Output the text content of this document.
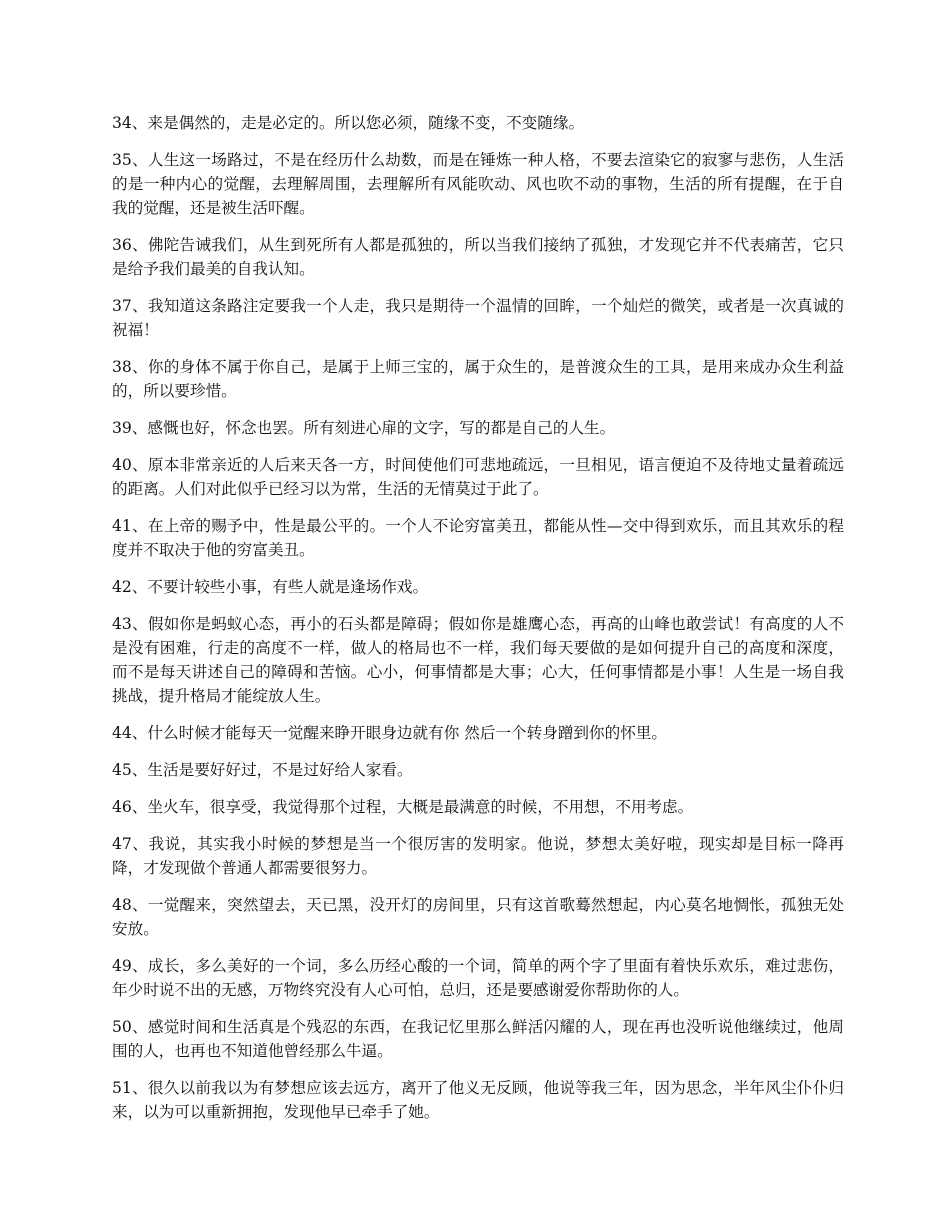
34、来是偶然的，走是必定的。所以您必须，随缘不变，不变随缘。

35、人生这一场路过，不是在经历什么劫数，而是在锤炼一种人格，不要去渲染它的寂寥与悲伤，人生活的是一种内心的觉醒，去理解周围，去理解所有风能吹动、风也吹不动的事物，生活的所有提醒，在于自我的觉醒，还是被生活吓醒。

36、佛陀告诫我们，从生到死所有人都是孤独的，所以当我们接纳了孤独，才发现它并不代表痛苦，它只是给予我们最美的自我认知。

37、我知道这条路注定要我一个人走，我只是期待一个温情的回眸，一个灿烂的微笑，或者是一次真诚的祝福！

38、你的身体不属于你自己，是属于上师三宝的，属于众生的，是普渡众生的工具，是用来成办众生利益的，所以要珍惜。

39、感慨也好，怀念也罢。所有刻进心扉的文字，写的都是自己的人生。

40、原本非常亲近的人后来天各一方，时间使他们可悲地疏远，一旦相见，语言便迫不及待地丈量着疏远的距离。人们对此似乎已经习以为常，生活的无情莫过于此了。

41、在上帝的赐予中，性是最公平的。一个人不论穷富美丑，都能从性—交中得到欢乐，而且其欢乐的程度并不取决于他的穷富美丑。

42、不要计较些小事，有些人就是逢场作戏。

43、假如你是蚂蚁心态，再小的石头都是障碍；假如你是雄鹰心态，再高的山峰也敢尝试！有高度的人不是没有困难，行走的高度不一样，做人的格局也不一样，我们每天要做的是如何提升自己的高度和深度，而不是每天讲述自己的障碍和苦恼。心小，何事情都是大事；心大，任何事情都是小事！人生是一场自我挑战，提升格局才能绽放人生。

44、什么时候才能每天一觉醒来睁开眼身边就有你 然后一个转身蹭到你的怀里。

45、生活是要好好过，不是过好给人家看。

46、坐火车，很享受，我觉得那个过程，大概是最满意的时候，不用想，不用考虑。

47、我说，其实我小时候的梦想是当一个很厉害的发明家。他说，梦想太美好啦，现实却是目标一降再降，才发现做个普通人都需要很努力。

48、一觉醒来，突然望去，天已黑，没开灯的房间里，只有这首歌蓦然想起，内心莫名地惆怅，孤独无处安放。

49、成长，多么美好的一个词，多么历经心酸的一个词，简单的两个字了里面有着快乐欢乐，难过悲伤，年少时说不出的无感，万物终究没有人心可怕，总归，还是要感谢爱你帮助你的人。

50、感觉时间和生活真是个残忍的东西，在我记忆里那么鲜活闪耀的人，现在再也没听说他继续过，他周围的人，也再也不知道他曾经那么牛逼。

51、很久以前我以为有梦想应该去远方，离开了他义无反顾，他说等我三年，因为思念，半年风尘仆仆归来，以为可以重新拥抱，发现他早已牵手了她。
